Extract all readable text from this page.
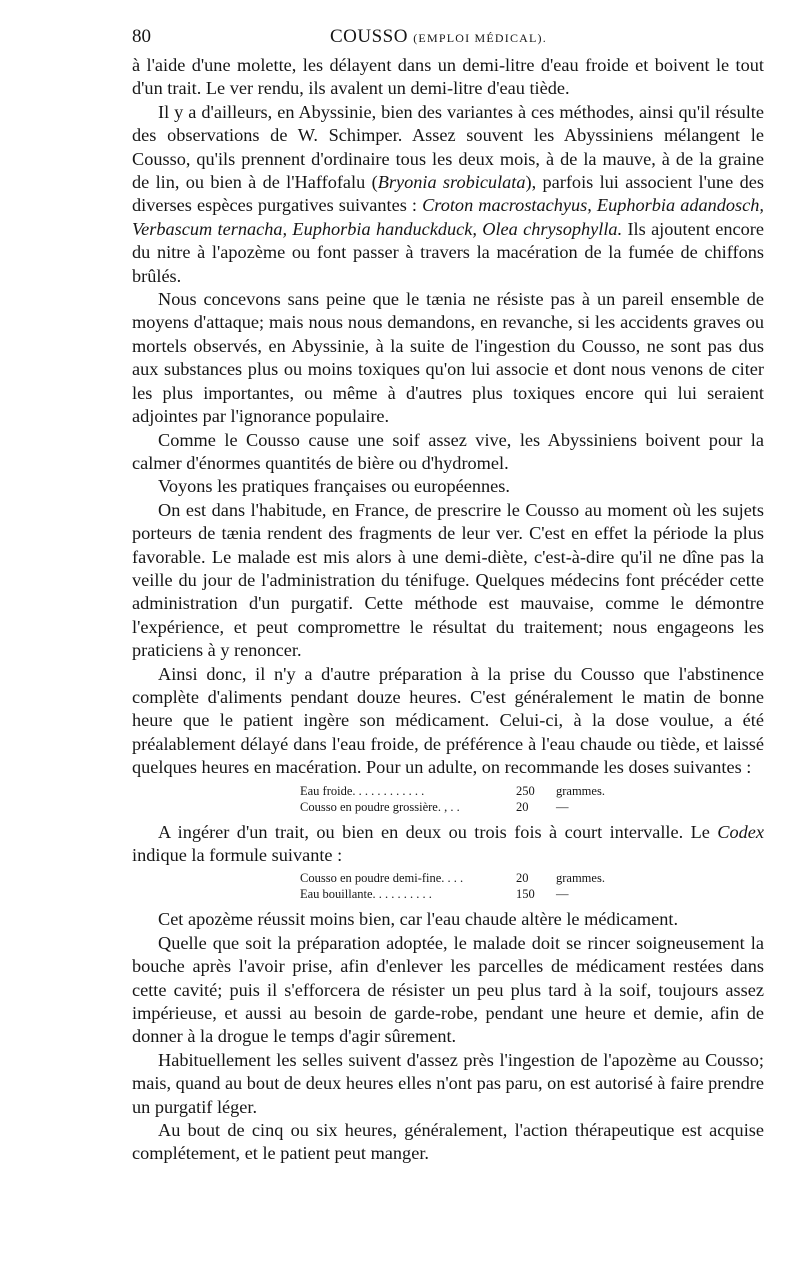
80	COUSSO (EMPLOI MÉDICAL).

à l'aide d'une molette, les délayent dans un demi-litre d'eau froide et boivent le tout d'un trait. Le ver rendu, ils avalent un demi-litre d'eau tiède.

Il y a d'ailleurs, en Abyssinie, bien des variantes à ces méthodes, ainsi qu'il résulte des observations de W. Schimper. Assez souvent les Abyssiniens mélangent le Cousso, qu'ils prennent d'ordinaire tous les deux mois, à de la mauve, à de la graine de lin, ou bien à de l'Haffofalu (Bryonia srobiculata), parfois lui associent l'une des diverses espèces purgatives suivantes : Croton macrostachyus, Euphorbia adandosch, Verbascum ternacha, Euphorbia handuckduck, Olea chrysophylla. Ils ajoutent encore du nitre à l'apozème ou font passer à travers la macération de la fumée de chiffons brûlés.

Nous concevons sans peine que le tænia ne résiste pas à un pareil ensemble de moyens d'attaque; mais nous nous demandons, en revanche, si les accidents graves ou mortels observés, en Abyssinie, à la suite de l'ingestion du Cousso, ne sont pas dus aux substances plus ou moins toxiques qu'on lui associe et dont nous venons de citer les plus importantes, ou même à d'autres plus toxiques encore qui lui seraient adjointes par l'ignorance populaire.

Comme le Cousso cause une soif assez vive, les Abyssiniens boivent pour la calmer d'énormes quantités de bière ou d'hydromel.

Voyons les pratiques françaises ou européennes.

On est dans l'habitude, en France, de prescrire le Cousso au moment où les sujets porteurs de tænia rendent des fragments de leur ver. C'est en effet la période la plus favorable. Le malade est mis alors à une demi-diète, c'est-à-dire qu'il ne dîne pas la veille du jour de l'administration du ténifuge. Quelques médecins font précéder cette administration d'un purgatif. Cette méthode est mauvaise, comme le démontre l'expérience, et peut compromettre le résultat du traitement; nous engageons les praticiens à y renoncer.

Ainsi donc, il n'y a d'autre préparation à la prise du Cousso que l'abstinence complète d'aliments pendant douze heures. C'est généralement le matin de bonne heure que le patient ingère son médicament. Celui-ci, à la dose voulue, a été préalablement délayé dans l'eau froide, de préférence à l'eau chaude ou tiède, et laissé quelques heures en macération. Pour un adulte, on recommande les doses suivantes :

Eau froide. . . . . . . . . . . .	250	grammes.
Cousso en poudre grossière. , . .	20	—

A ingérer d'un trait, ou bien en deux ou trois fois à court intervalle. Le Codex indique la formule suivante :

Cousso en poudre demi-fine. . . .	20	grammes.
Eau bouillante. . . . . . . . . .	150	—

Cet apozème réussit moins bien, car l'eau chaude altère le médicament.

Quelle que soit la préparation adoptée, le malade doit se rincer soigneusement la bouche après l'avoir prise, afin d'enlever les parcelles de médicament restées dans cette cavité; puis il s'efforcera de résister un peu plus tard à la soif, toujours assez impérieuse, et aussi au besoin de garde-robe, pendant une heure et demie, afin de donner à la drogue le temps d'agir sûrement.

Habituellement les selles suivent d'assez près l'ingestion de l'apozème au Cousso; mais, quand au bout de deux heures elles n'ont pas paru, on est autorisé à faire prendre un purgatif léger.

Au bout de cinq ou six heures, généralement, l'action thérapeutique est acquise complétement, et le patient peut manger.
